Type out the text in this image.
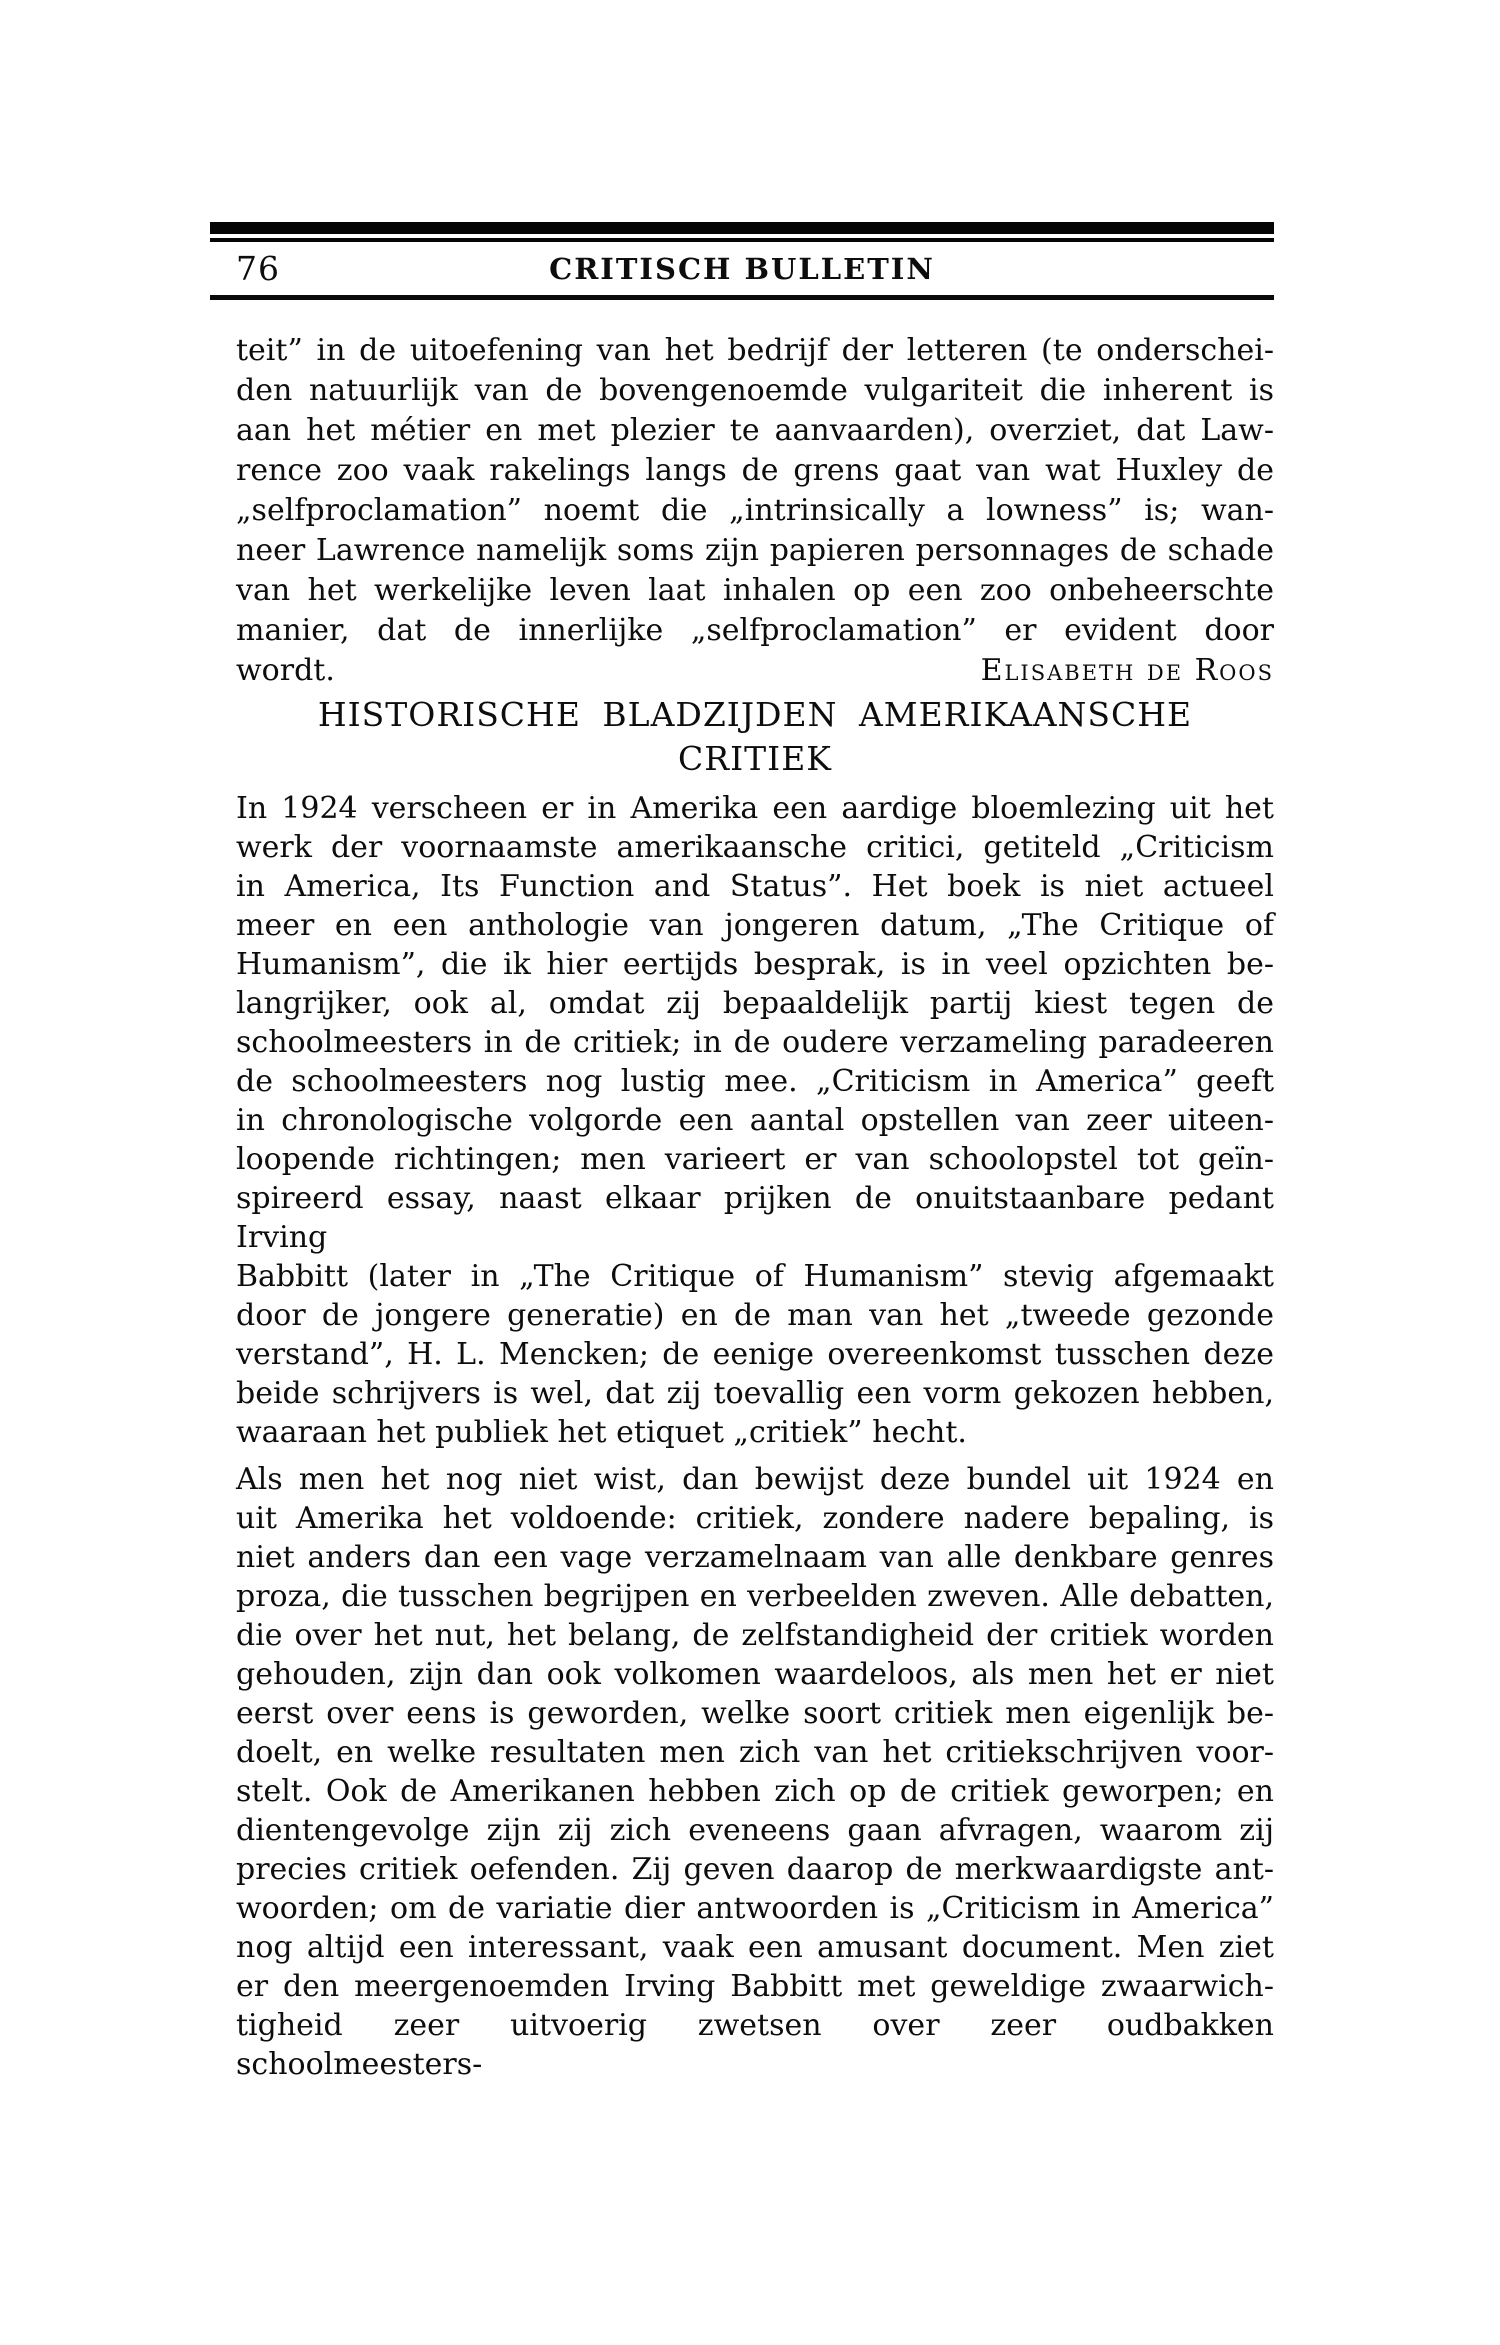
76	CRITISCH BULLETIN
teit” in de uitoefening van het bedrijf der letteren (te onderschei-
den natuurlijk van de bovengenoemde vulgariteit die inherent is
aan het métier en met plezier te aanvaarden), overziet, dat Law-
rence zoo vaak rakelings langs de grens gaat van wat Huxley de
„selfproclamation” noemt die „intrinsically a lowness” is; wan-
neer Lawrence namelijk soms zijn papieren personnages de schade
van het werkelijke leven laat inhalen op een zoo onbeheerschte
manier, dat de innerlijke „selfproclamation” er evident door
wordt.	Elisabeth de Roos
HISTORISCHE BLADZIJDEN AMERIKAANSCHE
CRITIEK
In 1924 verscheen er in Amerika een aardige bloemlezing uit het
werk der voornaamste amerikaansche critici, getiteld „Criticism
in America, Its Function and Status”. Het boek is niet actueel
meer en een anthologie van jongeren datum, „The Critique of
Humanism”, die ik hier eertijds besprak, is in veel opzichten be-
langrijker, ook al, omdat zij bepaaldelijk partij kiest tegen de
schoolmeesters in de critiek; in de oudere verzameling paradeeren
de schoolmeesters nog lustig mee. „Criticism in America” geeft
in chronologische volgorde een aantal opstellen van zeer uiteen-
loopende richtingen; men varieert er van schoolopstel tot geïn-
spireerd essay, naast elkaar prijken de onuitstaanbare pedant Irving
Babbitt (later in „The Critique of Humanism” stevig afgemaakt
door de jongere generatie) en de man van het „tweede gezonde
verstand”, H. L. Mencken; de eenige overeenkomst tusschen deze
beide schrijvers is wel, dat zij toevallig een vorm gekozen hebben,
waaraan het publiek het etiquet „critiek” hecht.
Als men het nog niet wist, dan bewijst deze bundel uit 1924 en
uit Amerika het voldoende: critiek, zondere nadere bepaling, is
niet anders dan een vage verzamelnaam van alle denkbare genres
proza, die tusschen begrijpen en verbeelden zweven. Alle debatten,
die over het nut, het belang, de zelfstandigheid der critiek worden
gehouden, zijn dan ook volkomen waardeloos, als men het er niet
eerst over eens is geworden, welke soort critiek men eigenlijk be-
doelt, en welke resultaten men zich van het critiekschrijven voor-
stelt. Ook de Amerikanen hebben zich op de critiek geworpen; en
dientengevolge zijn zij zich eveneens gaan afvragen, waarom zij
precies critiek oefenden. Zij geven daarop de merkwaardigste ant-
woorden; om de variatie dier antwoorden is „Criticism in America”
nog altijd een interessant, vaak een amusant document. Men ziet
er den meergenoemden Irving Babbitt met geweldige zwaarwich-
tigheid zeer uitvoerig zwetsen over zeer oudbakken schoolmeesters-
